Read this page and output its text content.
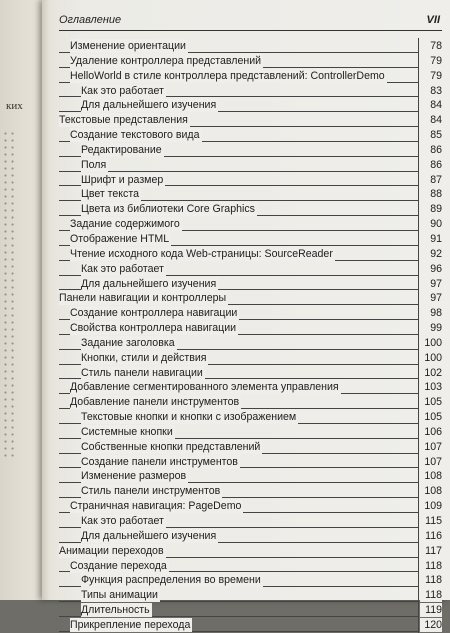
ких
Оглавление	VII
Изменение ориентации	78
Удаление контроллера представлений	79
HelloWorld в стиле контроллера представлений: ControllerDemo	79
Как это работает	83
Для дальнейшего изучения	84
Текстовые представления	84
Создание текстового вида	85
Редактирование	86
Поля	86
Шрифт и размер	87
Цвет текста	88
Цвета из библиотеки Core Graphics	89
Задание содержимого	90
Отображение HTML	91
Чтение исходного кода Web-страницы: SourceReader	92
Как это работает	96
Для дальнейшего изучения	97
Панели навигации и контроллеры	97
Создание контроллера навигации	98
Свойства контроллера навигации	99
Задание заголовка	100
Кнопки, стили и действия	100
Стиль панели навигации	102
Добавление сегментированного элемента управления	103
Добавление панели инструментов	105
Текстовые кнопки и кнопки с изображением	105
Системные кнопки	106
Собственные кнопки представлений	107
Создание панели инструментов	107
Изменение размеров	108
Стиль панели инструментов	108
Страничная навигация: PageDemo	109
Как это работает	115
Для дальнейшего изучения	116
Анимации переходов	117
Создание перехода	118
Функция распределения во времени	118
Типы анимации	118
Длительность	119
Прикрепление перехода	120
